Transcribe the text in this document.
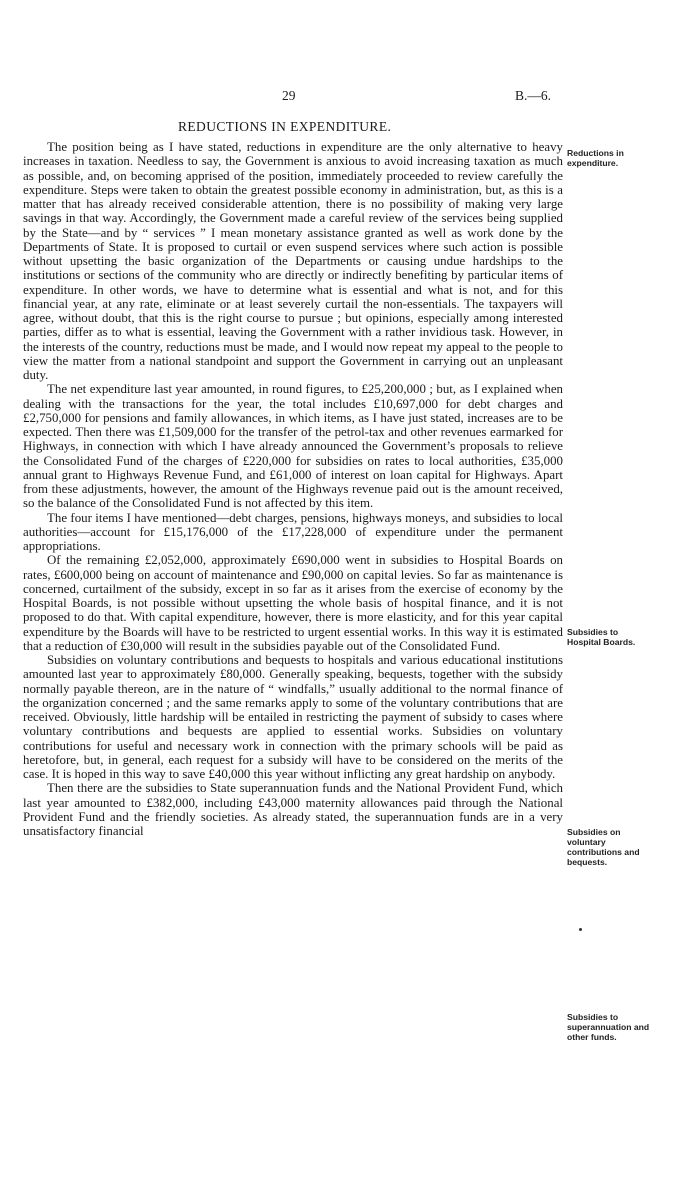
29	B.—6.
REDUCTIONS IN EXPENDITURE.

The position being as I have stated, reductions in expenditure are the only alternative to heavy increases in taxation. Needless to say, the Government is anxious to avoid increasing taxation as much as possible, and, on becoming apprised of the position, immediately proceeded to review carefully the expenditure. Steps were taken to obtain the greatest possible economy in administration, but, as this is a matter that has already received considerable attention, there is no possibility of making very large savings in that way. Accordingly, the Government made a careful review of the services being supplied by the State—and by “ services ” I mean monetary assistance granted as well as work done by the Departments of State. It is proposed to curtail or even suspend services where such action is possible without upsetting the basic organization of the Departments or causing undue hardships to the institutions or sections of the community who are directly or indirectly benefiting by particular items of expenditure. In other words, we have to determine what is essential and what is not, and for this financial year, at any rate, eliminate or at least severely curtail the non-essentials. The taxpayers will agree, without doubt, that this is the right course to pursue ; but opinions, especially among interested parties, differ as to what is essential, leaving the Government with a rather invidious task. However, in the interests of the country, reductions must be made, and I would now repeat my appeal to the people to view the matter from a national standpoint and support the Government in carrying out an unpleasant duty.

The net expenditure last year amounted, in round figures, to £25,200,000 ; but, as I explained when dealing with the transactions for the year, the total includes £10,697,000 for debt charges and £2,750,000 for pensions and family allowances, in which items, as I have just stated, increases are to be expected. Then there was £1,509,000 for the transfer of the petrol-tax and other revenues earmarked for Highways, in connection with which I have already announced the Government’s proposals to relieve the Consolidated Fund of the charges of £220,000 for subsidies on rates to local authorities, £35,000 annual grant to Highways Revenue Fund, and £61,000 of interest on loan capital for Highways. Apart from these adjustments, however, the amount of the Highways revenue paid out is the amount received, so the balance of the Consolidated Fund is not affected by this item.

The four items I have mentioned—debt charges, pensions, highways moneys, and subsidies to local authorities—account for £15,176,000 of the £17,228,000 of expenditure under the permanent appropriations.

Of the remaining £2,052,000, approximately £690,000 went in subsidies to Hospital Boards on rates, £600,000 being on account of maintenance and £90,000 on capital levies. So far as maintenance is concerned, curtailment of the subsidy, except in so far as it arises from the exercise of economy by the Hospital Boards, is not possible without upsetting the whole basis of hospital finance, and it is not proposed to do that. With capital expenditure, however, there is more elasticity, and for this year capital expenditure by the Boards will have to be restricted to urgent essential works. In this way it is estimated that a reduction of £30,000 will result in the subsidies payable out of the Consolidated Fund.

Subsidies on voluntary contributions and bequests to hospitals and various educational institutions amounted last year to approximately £80,000. Generally speaking, bequests, together with the subsidy normally payable thereon, are in the nature of “ windfalls,” usually additional to the normal finance of the organization concerned ; and the same remarks apply to some of the voluntary contributions that are received. Obviously, little hardship will be entailed in restricting the payment of subsidy to cases where voluntary contributions and bequests are applied to essential works. Subsidies on voluntary contributions for useful and necessary work in connection with the primary schools will be paid as heretofore, but, in general, each request for a subsidy will have to be considered on the merits of the case. It is hoped in this way to save £40,000 this year without inflicting any great hardship on anybody.

Then there are the subsidies to State superannuation funds and the National Provident Fund, which last year amounted to £382,000, including £43,000 maternity allowances paid through the National Provident Fund and the friendly societies. As already stated, the superannuation funds are in a very unsatisfactory financial

Reductions in
expenditure.
Subsidies to
Hospital Boards.
Subsidies on
voluntary
contributions and
bequests.
Subsidies to
superannuation and
other funds.
